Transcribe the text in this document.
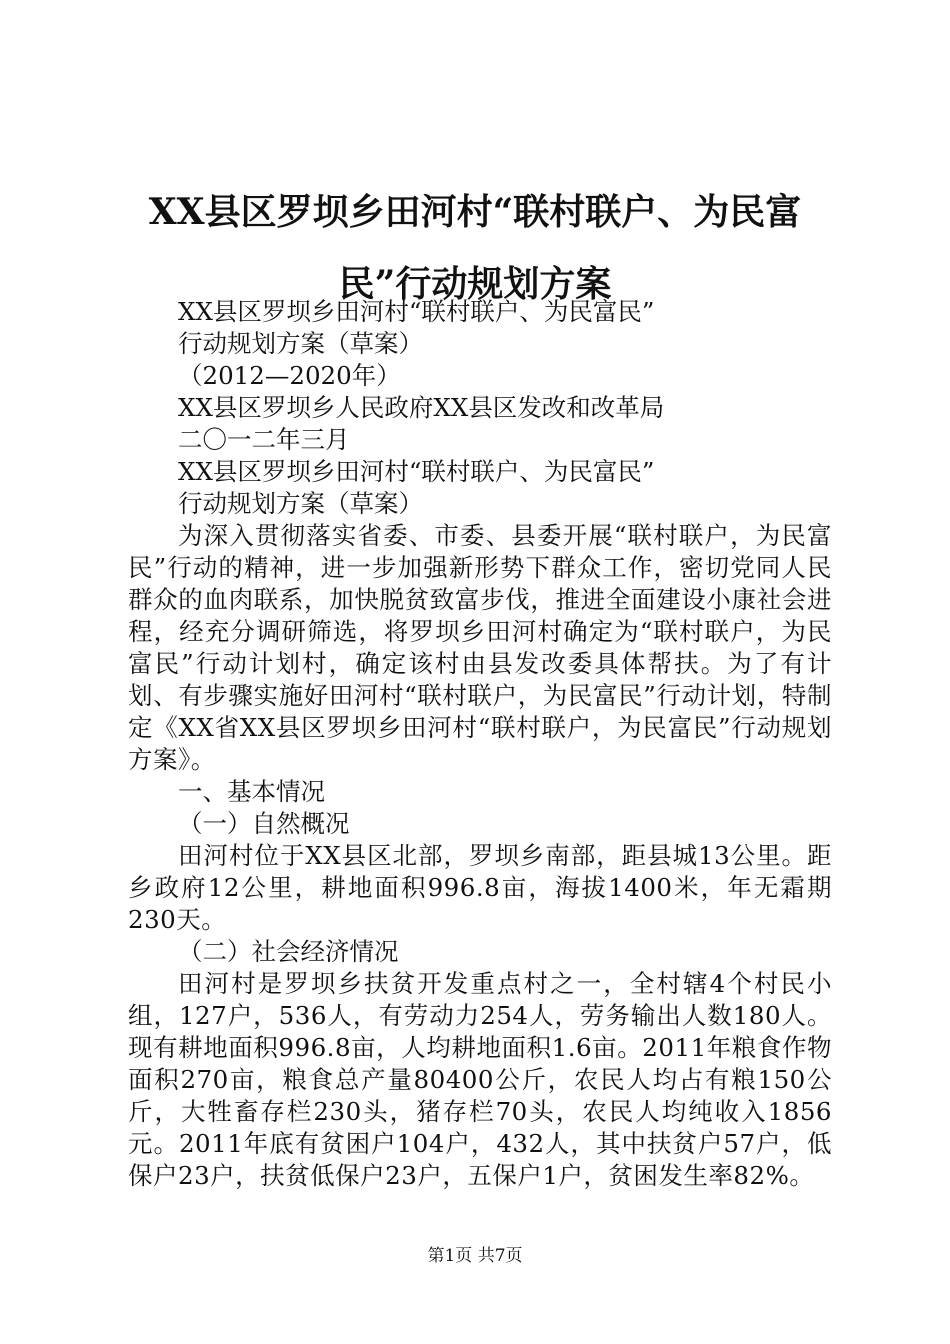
XX县区罗坝乡田河村“联村联户、为民富
民”行动规划方案
XX县区罗坝乡田河村“联村联户、为民富民”
行动规划方案（草案）
（2012—2020年）
XX县区罗坝乡人民政府XX县区发改和改革局
二〇一二年三月
XX县区罗坝乡田河村“联村联户、为民富民”
行动规划方案（草案）

为深入贯彻落实省委、市委、县委开展“联村联户，为民富民”行动的精神，进一步加强新形势下群众工作，密切党同人民群众的血肉联系，加快脱贫致富步伐，推进全面建设小康社会进程，经充分调研筛选，将罗坝乡田河村确定为“联村联户，为民富民”行动计划村，确定该村由县发改委具体帮扶。为了有计划、有步骤实施好田河村“联村联户，为民富民”行动计划，特制定《XX省XX县区罗坝乡田河村“联村联户，为民富民”行动规划方案》。

一、基本情况
（一）自然概况

田河村位于XX县区北部，罗坝乡南部，距县城13公里。距乡政府12公里，耕地面积996.8亩，海拔1400米，年无霜期230天。

（二）社会经济情况

田河村是罗坝乡扶贫开发重点村之一，全村辖4个村民小组，127户，536人，有劳动力254人，劳务输出人数180人。现有耕地面积996.8亩，人均耕地面积1.6亩。2011年粮食作物面积270亩，粮食总产量80400公斤，农民人均占有粮150公斤，大牲畜存栏230头，猪存栏70头，农民人均纯收入1856元。2011年底有贫困户104户，432人，其中扶贫户57户，低保户23户，扶贫低保户23户，五保户1户，贫困发生率82%。

第1页 共7页
